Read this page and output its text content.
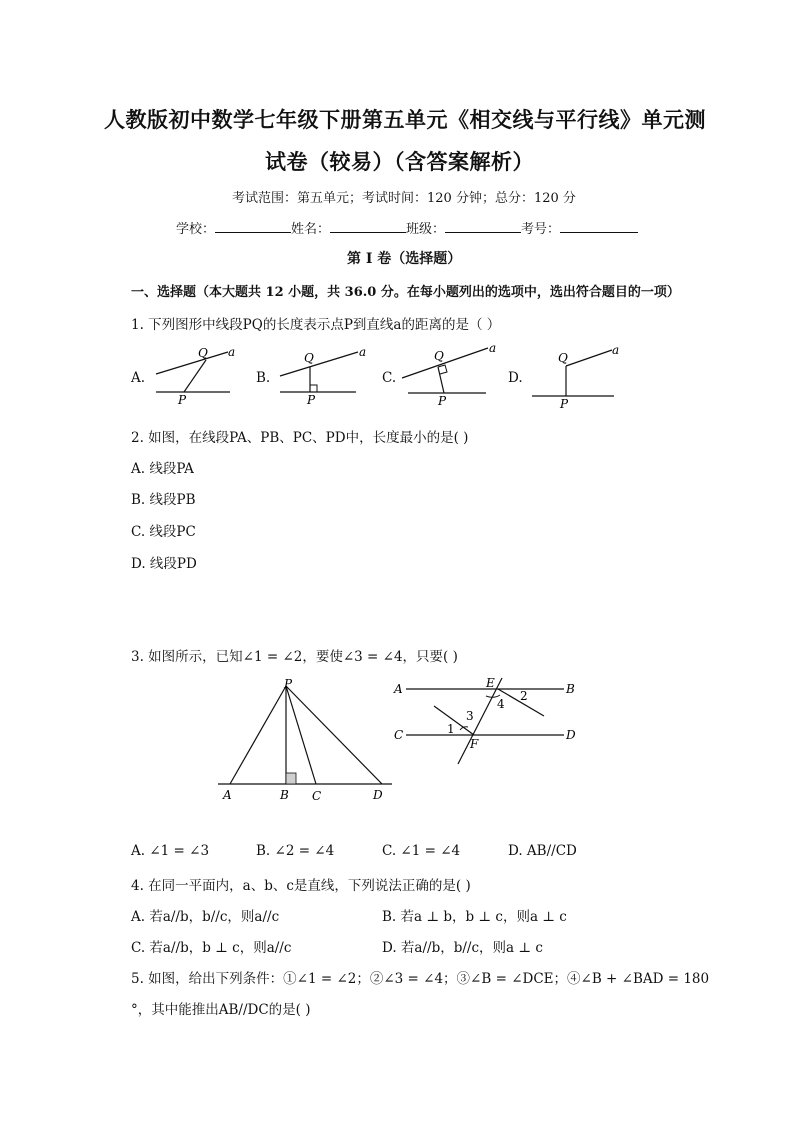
人教版初中数学七年级下册第五单元《相交线与平行线》单元测
试卷（较易）（含答案解析）
考试范围：第五单元；考试时间：120 分钟；总分：120 分
学校：	姓名：	班级：	考号：
第 I 卷（选择题）
一、选择题（本大题共 12 小题，共 36.0 分。在每小题列出的选项中，选出符合题目的一项）
1. 下列图形中线段PQ的长度表示点P到直线a的距离的是（ ）
A.	B.	C.	D.
Q a
P
Q	a
P
Q
a
P
Q
a
P
2. 如图，在线段PA、PB、PC、PD中，长度最小的是( )
A. 线段PA
B. 线段PB
C. 线段PC
D. 线段PD
3. 如图所示，已知∠1 = ∠2，要使∠3 = ∠4，只要( )
P
A	B C	D
A	B
C	D
E
F
1
2
3
4
A. ∠1 = ∠3	B. ∠2 = ∠4	C. ∠1 = ∠4	D. AB//CD
4. 在同一平面内，a、b、c是直线，下列说法正确的是( )
A. 若a//b，b//c，则a//c	B. 若a ⊥ b，b ⊥ c，则a ⊥ c
C. 若a//b，b ⊥ c，则a//c	D. 若a//b，b//c，则a ⊥ c
5. 如图，给出下列条件：①∠1 = ∠2；②∠3 = ∠4；③∠B = ∠DCE；④∠B + ∠BAD = 180
°，其中能推出AB//DC的是( )
